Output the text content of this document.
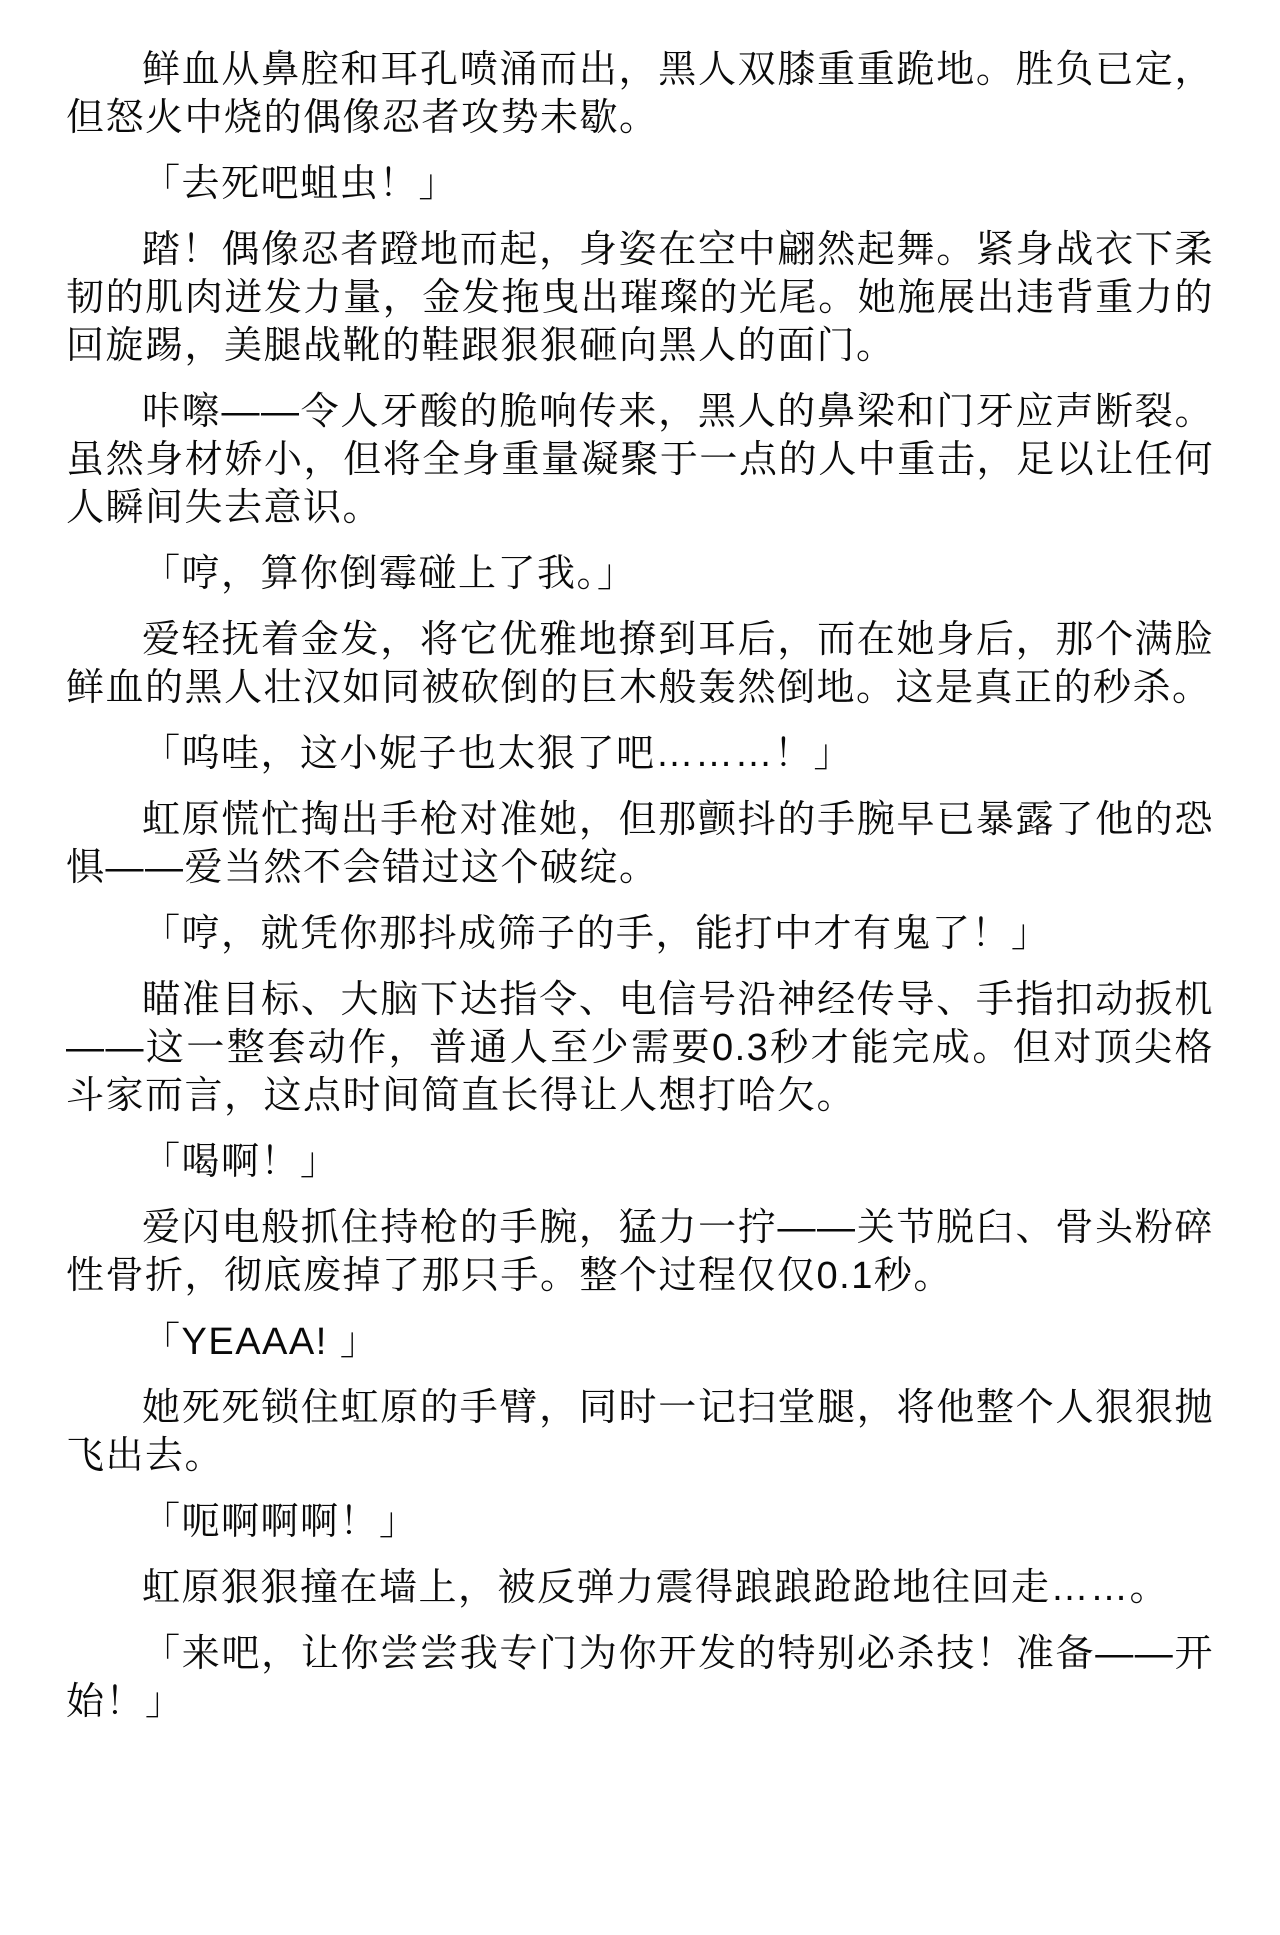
鲜血从鼻腔和耳孔喷涌而出，黑人双膝重重跪地。胜负已定，但怒火中烧的偶像忍者攻势未歇。

「去死吧蛆虫！」

踏！偶像忍者蹬地而起，身姿在空中翩然起舞。紧身战衣下柔韧的肌肉迸发力量，金发拖曳出璀璨的光尾。她施展出违背重力的回旋踢，美腿战靴的鞋跟狠狠砸向黑人的面门。

咔嚓——令人牙酸的脆响传来，黑人的鼻梁和门牙应声断裂。虽然身材娇小，但将全身重量凝聚于一点的人中重击，足以让任何人瞬间失去意识。

「哼，算你倒霉碰上了我。」

爱轻抚着金发，将它优雅地撩到耳后，而在她身后，那个满脸鲜血的黑人壮汉如同被砍倒的巨木般轰然倒地。这是真正的秒杀。

「呜哇，这小妮子也太狠了吧………！」

虹原慌忙掏出手枪对准她，但那颤抖的手腕早已暴露了他的恐惧——爱当然不会错过这个破绽。

「哼，就凭你那抖成筛子的手，能打中才有鬼了！」

瞄准目标、大脑下达指令、电信号沿神经传导、手指扣动扳机——这一整套动作，普通人至少需要0.3秒才能完成。但对顶尖格斗家而言，这点时间简直长得让人想打哈欠。

「喝啊！」

爱闪电般抓住持枪的手腕，猛力一拧——关节脱臼、骨头粉碎性骨折，彻底废掉了那只手。整个过程仅仅0.1秒。

「YEAAA! 」

她死死锁住虹原的手臂，同时一记扫堂腿，将他整个人狠狠抛飞出去。

「呃啊啊啊！」

虹原狠狠撞在墙上，被反弹力震得踉踉跄跄地往回走……。

「来吧，让你尝尝我专门为你开发的特别必杀技！准备——开始！」
